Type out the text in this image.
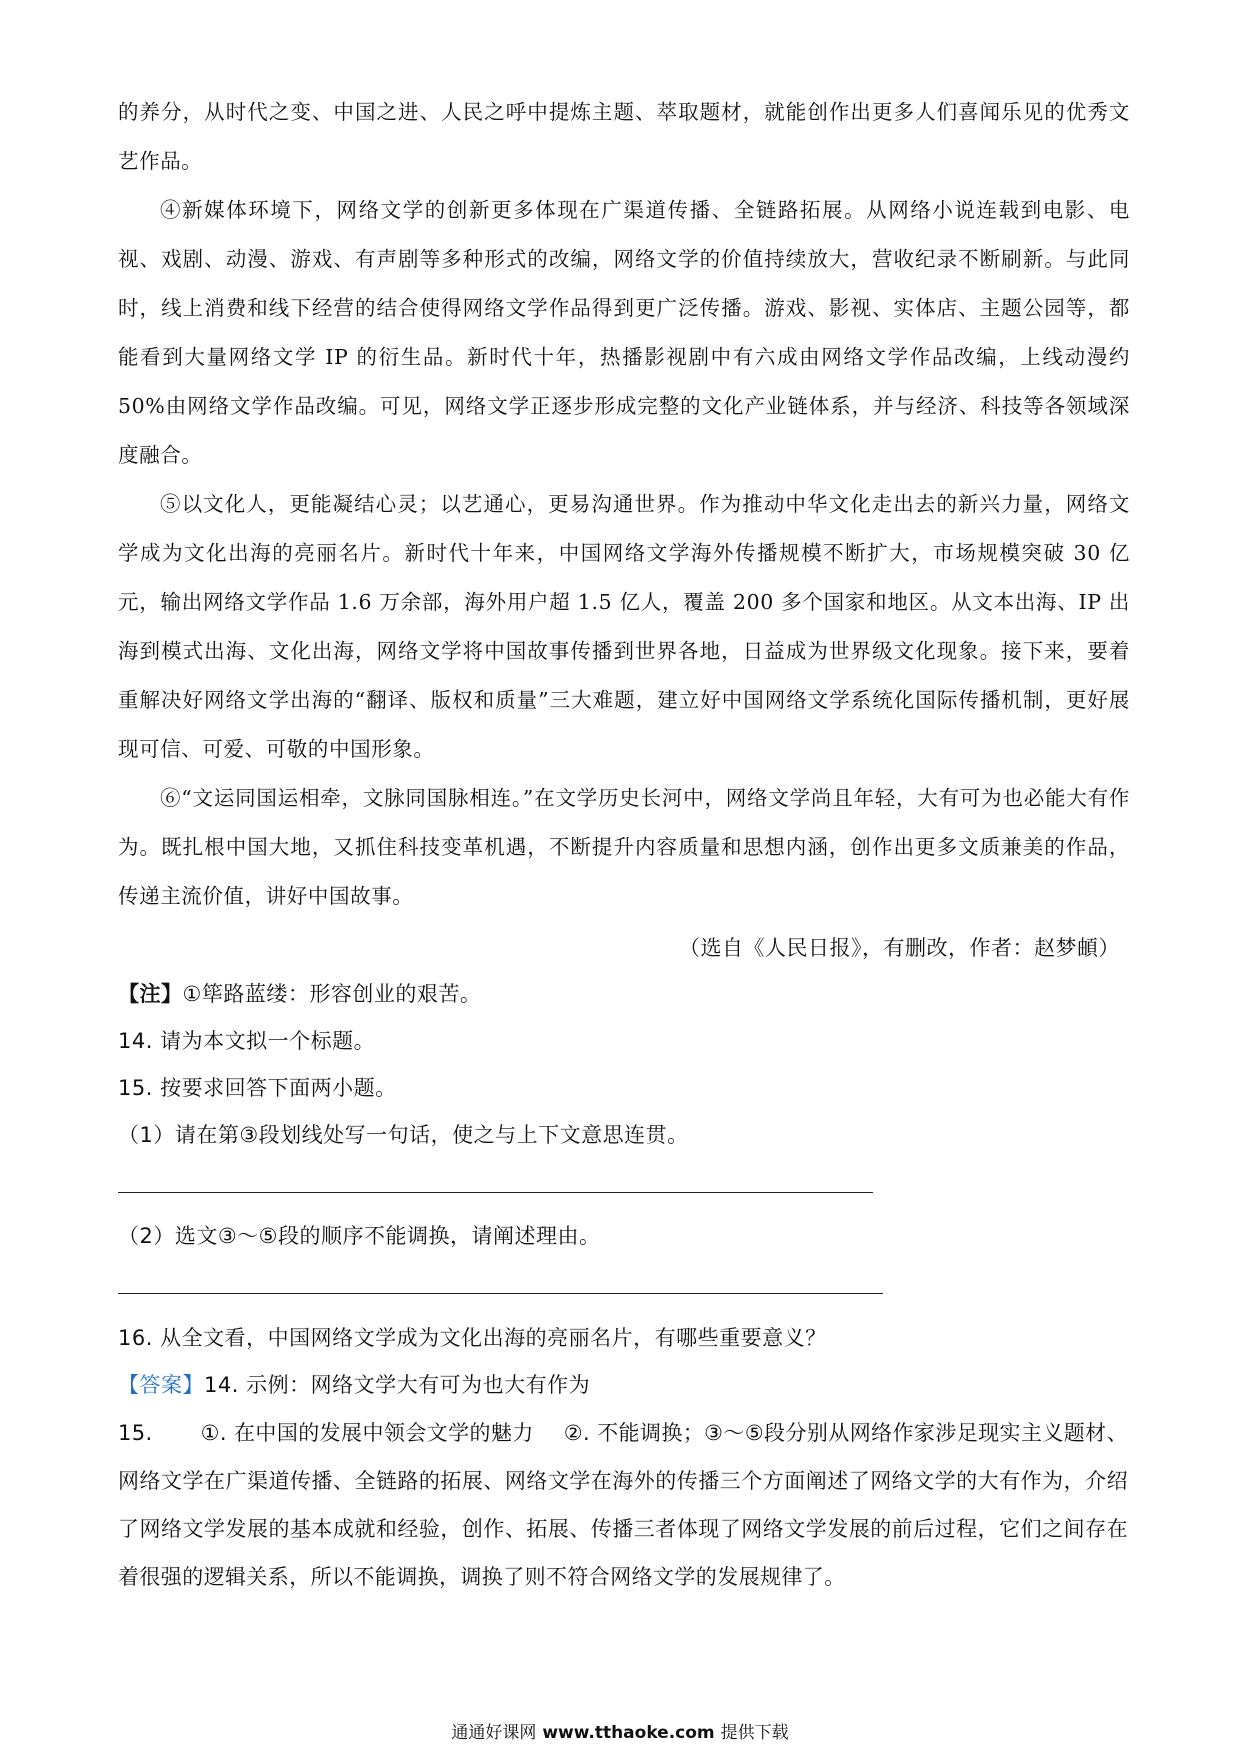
的养分，从时代之变、中国之进、人民之呼中提炼主题、萃取题材，就能创作出更多人们喜闻乐见的优秀文艺作品。

④新媒体环境下，网络文学的创新更多体现在广渠道传播、全链路拓展。从网络小说连载到电影、电视、戏剧、动漫、游戏、有声剧等多种形式的改编，网络文学的价值持续放大，营收纪录不断刷新。与此同时，线上消费和线下经营的结合使得网络文学作品得到更广泛传播。游戏、影视、实体店、主题公园等，都能看到大量网络文学 IP 的衍生品。新时代十年，热播影视剧中有六成由网络文学作品改编，上线动漫约 50%由网络文学作品改编。可见，网络文学正逐步形成完整的文化产业链体系，并与经济、科技等各领域深度融合。

⑤以文化人，更能凝结心灵；以艺通心，更易沟通世界。作为推动中华文化走出去的新兴力量，网络文学成为文化出海的亮丽名片。新时代十年来，中国网络文学海外传播规模不断扩大，市场规模突破 30 亿元，输出网络文学作品 1.6 万余部，海外用户超 1.5 亿人，覆盖 200 多个国家和地区。从文本出海、IP 出海到模式出海、文化出海，网络文学将中国故事传播到世界各地，日益成为世界级文化现象。接下来，要着重解决好网络文学出海的“翻译、版权和质量”三大难题，建立好中国网络文学系统化国际传播机制，更好展现可信、可爱、可敬的中国形象。

⑥“文运同国运相牵，文脉同国脉相连。”在文学历史长河中，网络文学尚且年轻，大有可为也必能大有作为。既扎根中国大地，又抓住科技变革机遇，不断提升内容质量和思想内涵，创作出更多文质兼美的作品，传递主流价值，讲好中国故事。

（选自《人民日报》，有删改，作者：赵梦頔）
【注】①筚路蓝缕：形容创业的艰苦。
14. 请为本文拟一个标题。
15. 按要求回答下面两小题。
（1）请在第③段划线处写一句话，使之与上下文意思连贯。
（2）选文③～⑤段的顺序不能调换，请阐述理由。
16. 从全文看，中国网络文学成为文化出海的亮丽名片，有哪些重要意义？
【答案】14. 示例：网络文学大有可为也大有作为
15. ①. 在中国的发展中领会文学的魅力 ②. 不能调换；③～⑤段分别从网络作家涉足现实主义题材、网络文学在广渠道传播、全链路的拓展、网络文学在海外的传播三个方面阐述了网络文学的大有作为，介绍了网络文学发展的基本成就和经验，创作、拓展、传播三者体现了网络文学发展的前后过程，它们之间存在着很强的逻辑关系，所以不能调换，调换了则不符合网络文学的发展规律了。
通通好课网 www.tthaoke.com 提供下载
